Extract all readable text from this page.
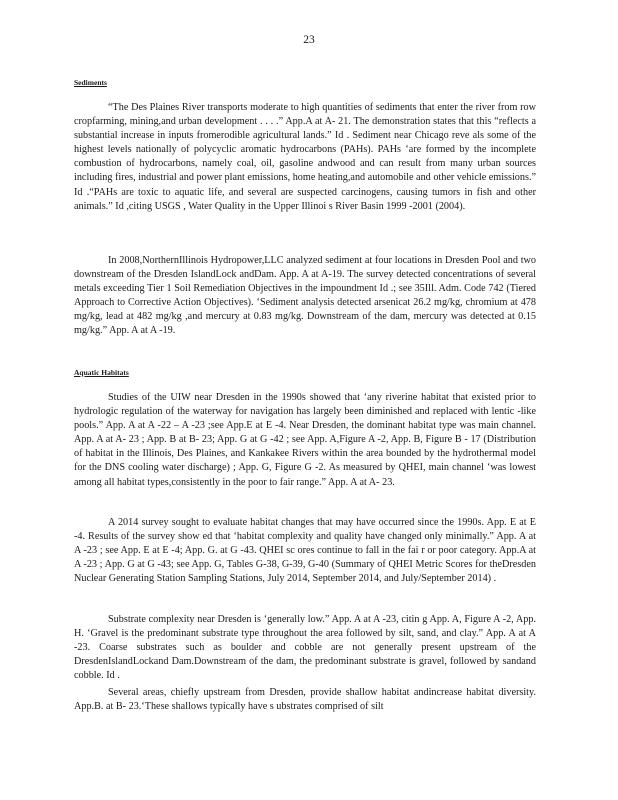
23
Sediments

“The Des Plaines River transports moderate to high quantities of sediments that enter the river from row cropfarming, mining,and urban development . . . .” App.A at A- 21. The demonstration states that this “reflects a substantial increase in inputs fromerodible agricultural lands.” Id . Sediment near Chicago reve als some of the highest levels nationally of polycyclic aromatic hydrocarbons (PAHs). PAHs ‘are formed by the incomplete combustion of hydrocarbons, namely coal, oil, gasoline andwood and can result from many urban sources including fires, industrial and power plant emissions, home heating,and automobile and other vehicle emissions.” Id .“PAHs are toxic to aquatic life, and several are suspected carcinogens, causing tumors in fish and other animals.” Id ,citing USGS , Water Quality in the Upper Illinoi s River Basin 1999 -2001 (2004).

In 2008,NorthernIllinois Hydropower,LLC analyzed sediment at four locations in Dresden Pool and two downstream of the Dresden IslandLock andDam. App. A at A-19. The survey detected concentrations of several metals exceeding Tier 1 Soil Remediation Objectives in the impoundment Id .; see 35Ill. Adm. Code 742 (Tiered Approach to Corrective Action Objectives). ‘Sediment analysis detected arsenicat 26.2 mg/kg, chromium at 478 mg/kg, lead at 482 mg/kg ,and mercury at 0.83 mg/kg. Downstream of the dam, mercury was detected at 0.15 mg/kg.” App. A at A -19.

Aquatic Habitats

Studies of the UIW near Dresden in the 1990s showed that ‘any riverine habitat that existed prior to hydrologic regulation of the waterway for navigation has largely been diminished and replaced with lentic -like pools.” App. A at A -22 – A -23 ;see App.E at E -4. Near Dresden, the dominant habitat type was main channel. App. A at A- 23 ; App. B at B- 23; App. G at G -42 ; see App. A,Figure A -2, App. B, Figure B - 17 (Distribution of habitat in the Illinois, Des Plaines, and Kankakee Rivers within the area bounded by the hydrothermal model for the DNS cooling water discharge) ; App. G, Figure G -2. As measured by QHEI, main channel ‘was lowest among all habitat types,consistently in the poor to fair range.” App. A at A- 23.

A 2014 survey sought to evaluate habitat changes that may have occurred since the 1990s. App. E at E -4. Results of the survey show ed that ‘habitat complexity and quality have changed only minimally.” App. A at A -23 ; see App. E at E -4; App. G. at G -43. QHEI sc ores continue to fall in the fai r or poor category. App.A at A -23 ; App. G at G -43; see App. G, Tables G-38, G-39, G-40 (Summary of QHEI Metric Scores for theDresden Nuclear Generating Station Sampling Stations, July 2014, September 2014, and July/September 2014) .

Substrate complexity near Dresden is ‘generally low.” App. A at A -23, citin g App. A, Figure A -2, App. H. ‘Gravel is the predominant substrate type throughout the area followed by silt, sand, and clay.” App. A at A -23. Coarse substrates such as boulder and cobble are not generally present upstream of the DresdenIslandLockand Dam.Downstream of the dam, the predominant substrate is gravel, followed by sandand cobble. Id .

Several areas, chiefly upstream from Dresden, provide shallow habitat andincrease habitat diversity. App.B. at B- 23.‘These shallows typically have s ubstrates comprised of silt
